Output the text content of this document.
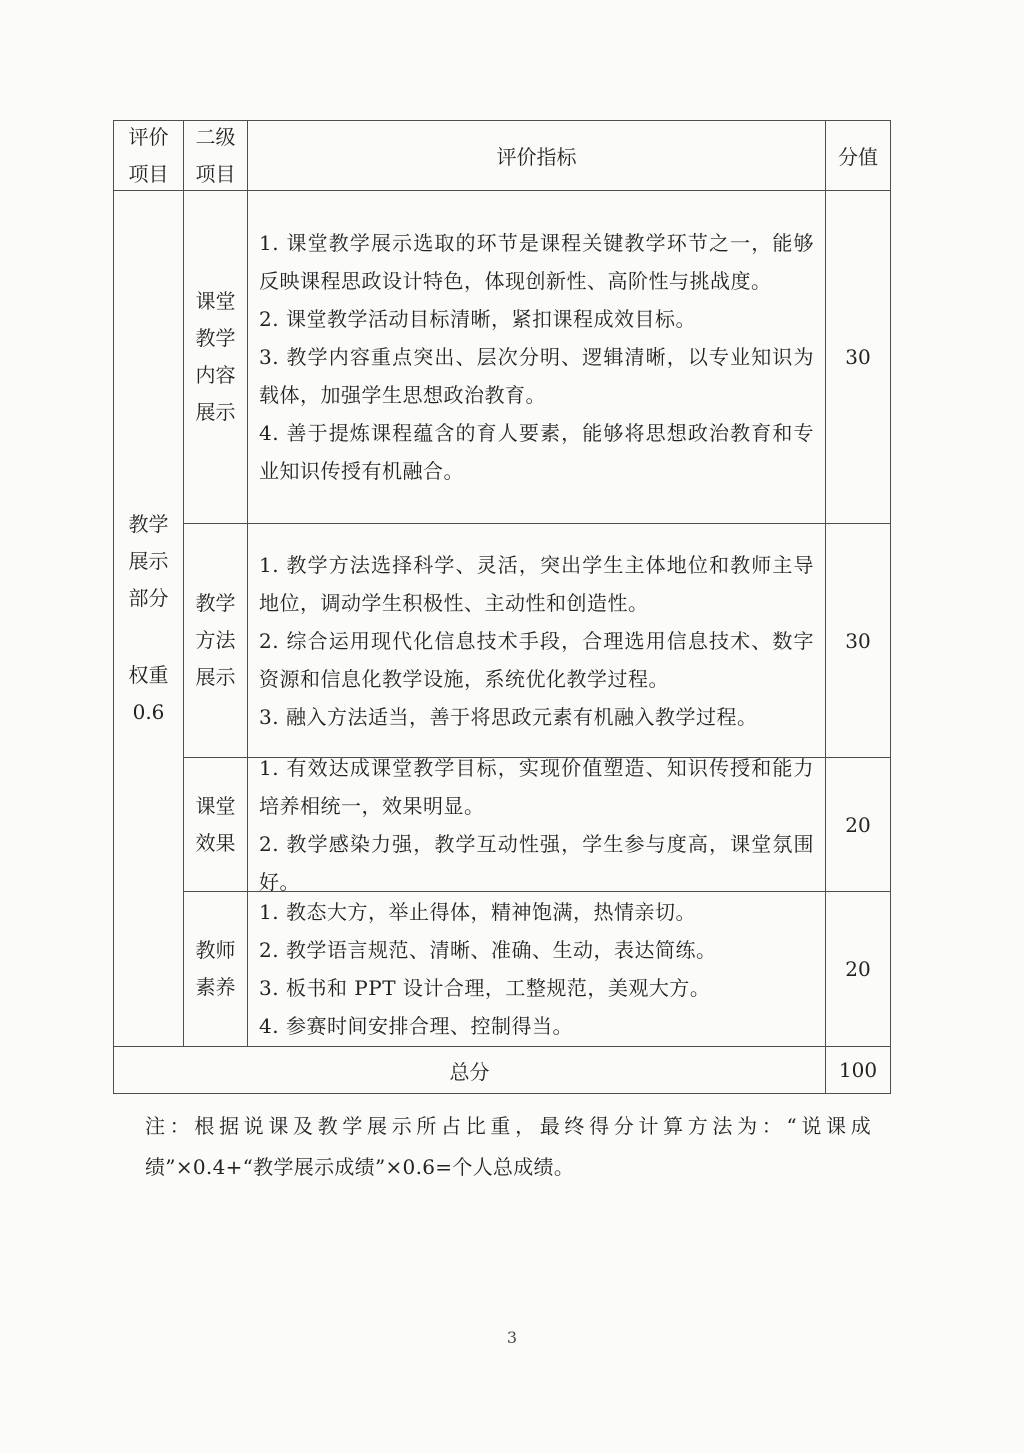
评价项目
二级项目
评价指标	分值
教学展示部分
权重
0.6
课堂教学内容展示

1. 课堂教学展示选取的环节是课程关键教学环节之一，能够反映课程思政设计特色，体现创新性、高阶性与挑战度。

2. 课堂教学活动目标清晰，紧扣课程成效目标。

3. 教学内容重点突出、层次分明、逻辑清晰，以专业知识为载体，加强学生思想政治教育。

4. 善于提炼课程蕴含的育人要素，能够将思想政治教育和专业知识传授有机融合。

30
教学方法展示

1. 教学方法选择科学、灵活，突出学生主体地位和教师主导地位，调动学生积极性、主动性和创造性。

2. 综合运用现代化信息技术手段，合理选用信息技术、数字资源和信息化教学设施，系统优化教学过程。

3. 融入方法适当，善于将思政元素有机融入教学过程。

30
课堂效果

1. 有效达成课堂教学目标，实现价值塑造、知识传授和能力培养相统一，效果明显。

2. 教学感染力强，教学互动性强，学生参与度高，课堂氛围好。

20
教师素养

1. 教态大方，举止得体，精神饱满，热情亲切。

2. 教学语言规范、清晰、准确、生动，表达简练。

3. 板书和 PPT 设计合理，工整规范，美观大方。

4. 参赛时间安排合理、控制得当。

20
总分	100

注：根据说课及教学展示所占比重，最终得分计算方法为：“说课成绩”×0.4+“教学展示成绩”×0.6=个人总成绩。

3
